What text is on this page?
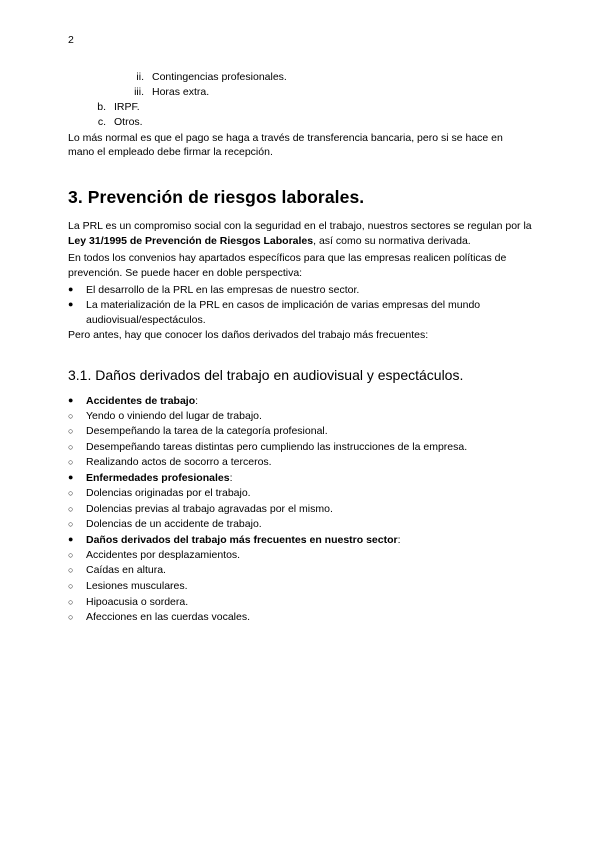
2
ii. Contingencias profesionales.
iii. Horas extra.
b. IRPF.
c. Otros.

Lo más normal es que el pago se haga a través de transferencia bancaria, pero si se hace en mano el empleado debe firmar la recepción.

3. Prevención de riesgos laborales.

La PRL es un compromiso social con la seguridad en el trabajo, nuestros sectores se regulan por la Ley 31/1995 de Prevención de Riesgos Laborales, así como su normativa derivada.

En todos los convenios hay apartados específicos para que las empresas realicen políticas de prevención. Se puede hacer en doble perspectiva:

●	El desarrollo de la PRL en las empresas de nuestro sector.
●	La materialización de la PRL en casos de implicación de varias empresas del mundo audiovisual/espectáculos.

Pero antes, hay que conocer los daños derivados del trabajo más frecuentes:

3.1. Daños derivados del trabajo en audiovisual y espectáculos.
●	Accidentes de trabajo:
○	Yendo o viniendo del lugar de trabajo.
○	Desempeñando la tarea de la categoría profesional.
○	Desempeñando tareas distintas pero cumpliendo las instrucciones de la empresa.
○	Realizando actos de socorro a terceros.
●	Enfermedades profesionales:
○	Dolencias originadas por el trabajo.
○	Dolencias previas al trabajo agravadas por el mismo.
○	Dolencias de un accidente de trabajo.
●	Daños derivados del trabajo más frecuentes en nuestro sector:
○	Accidentes por desplazamientos.
○	Caídas en altura.
○	Lesiones musculares.
○	Hipoacusia o sordera.
○	Afecciones en las cuerdas vocales.
